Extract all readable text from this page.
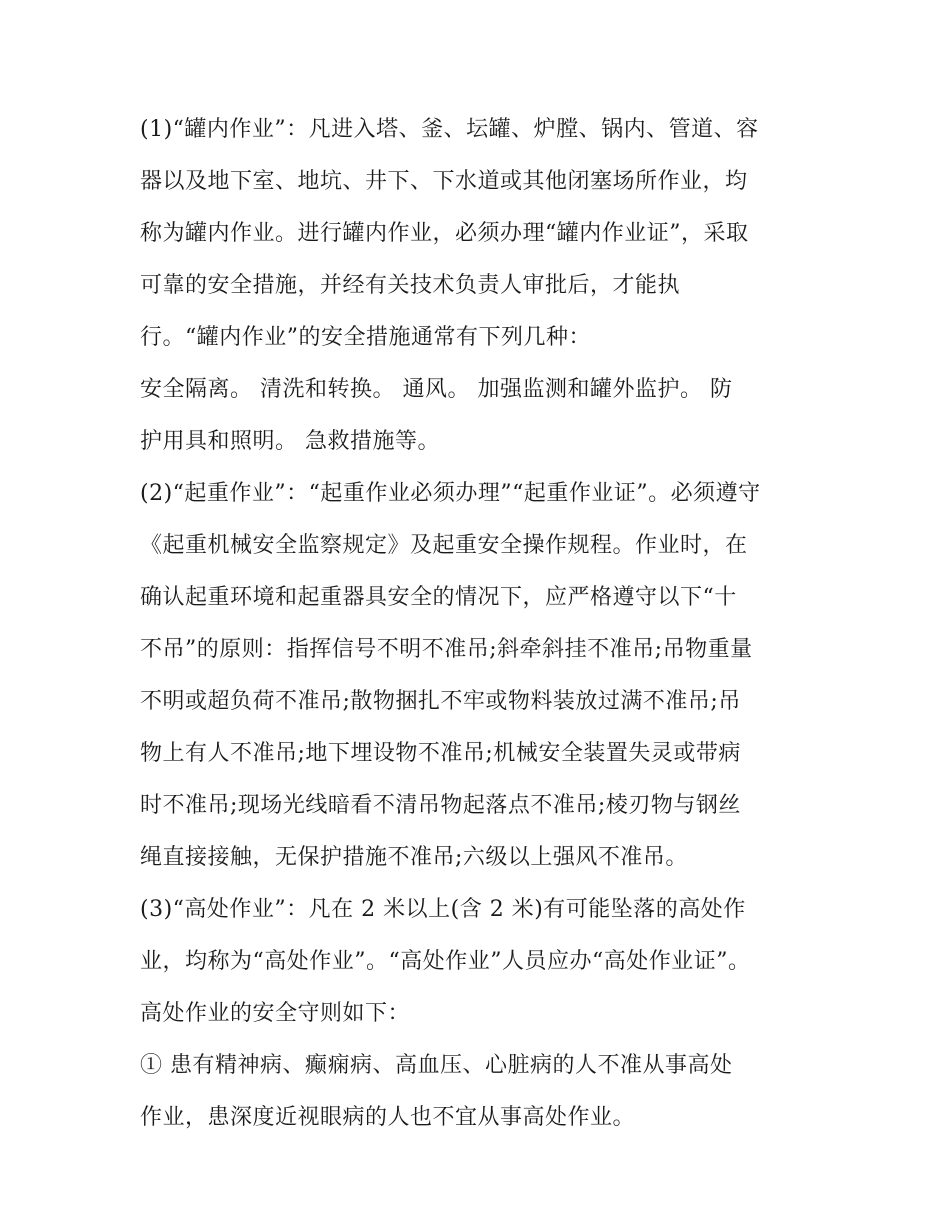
(1)“罐内作业”：凡进入塔、釜、坛罐、炉膛、锅内、管道、容
器以及地下室、地坑、井下、下水道或其他闭塞场所作业，均
称为罐内作业。进行罐内作业，必须办理“罐内作业证”，采取
可靠的安全措施，并经有关技术负责人审批后，才能执
行。“罐内作业”的安全措施通常有下列几种：
安全隔离。 清洗和转换。 通风。 加强监测和罐外监护。 防
护用具和照明。 急救措施等。
(2)“起重作业”：“起重作业必须办理”“起重作业证”。必须遵守
《起重机械安全监察规定》及起重安全操作规程。作业时，在
确认起重环境和起重器具安全的情况下，应严格遵守以下“十
不吊”的原则：指挥信号不明不准吊;斜牵斜挂不准吊;吊物重量
不明或超负荷不准吊;散物捆扎不牢或物料装放过满不准吊;吊
物上有人不准吊;地下埋设物不准吊;机械安全装置失灵或带病
时不准吊;现场光线暗看不清吊物起落点不准吊;棱刃物与钢丝
绳直接接触，无保护措施不准吊;六级以上强风不准吊。
(3)“高处作业”：凡在 2 米以上(含 2 米)有可能坠落的高处作
业，均称为“高处作业”。“高处作业”人员应办“高处作业证”。
高处作业的安全守则如下：
① 患有精神病、癫痫病、高血压、心脏病的人不准从事高处
作业，患深度近视眼病的人也不宜从事高处作业。
